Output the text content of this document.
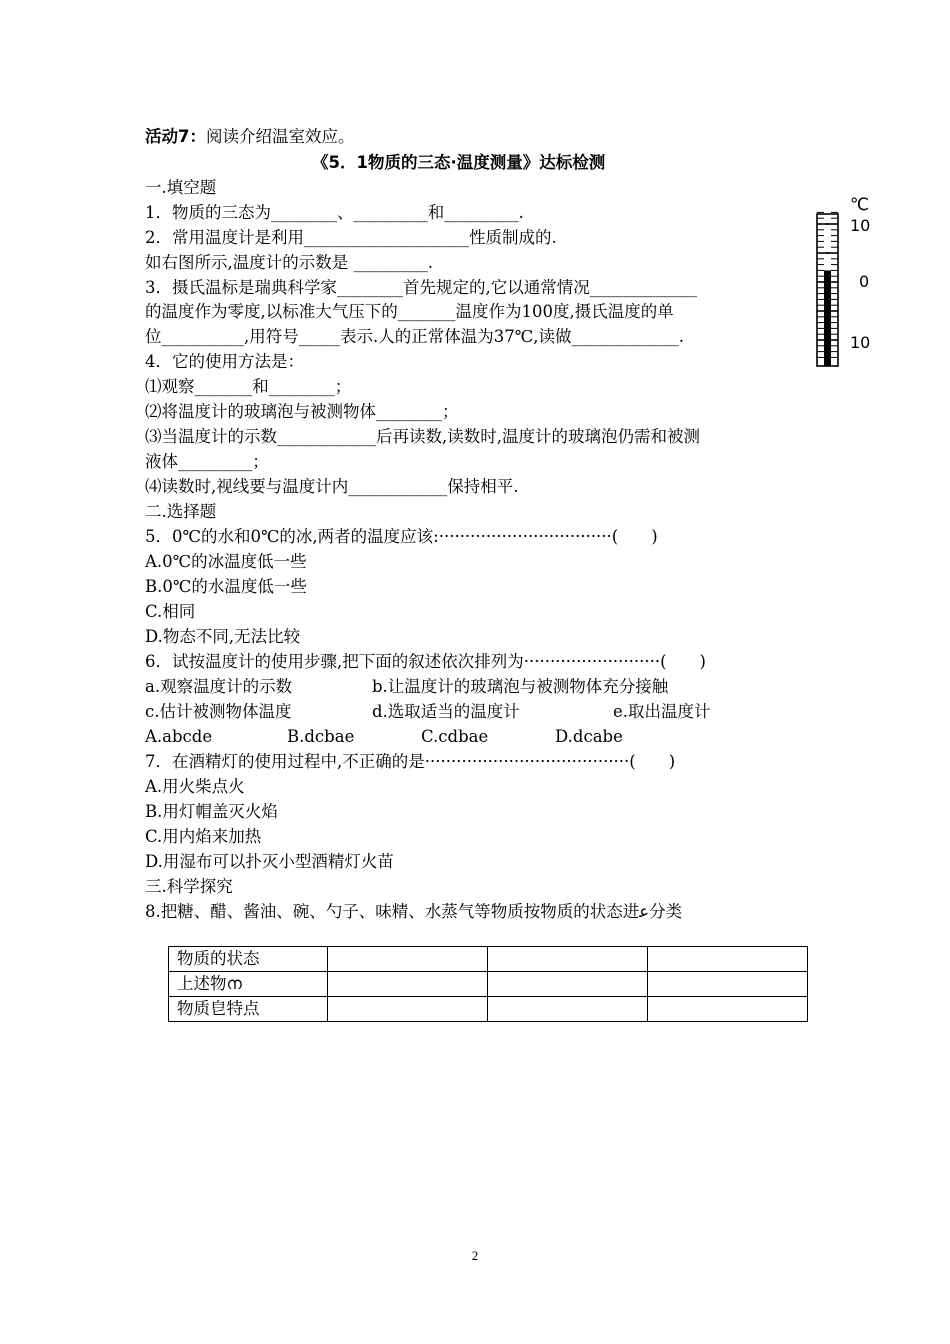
活动7：阅读介绍温室效应。
《5．1物质的三态·温度测量》达标检测
一.填空题
1．物质的三态为________、_________和_________.
2．常用温度计是利用____________________性质制成的.
如右图所示,温度计的示数是 _________.
3．摄氏温标是瑞典科学家________首先规定的,它以通常情况_____________
的温度作为零度,以标准大气压下的_______温度作为100度,摄氏温度的单
位__________,用符号_____表示.人的正常体温为37℃,读做_____________.
4．它的使用方法是：
⑴观察_______和________；
⑵将温度计的玻璃泡与被测物体________；
⑶当温度计的示数____________后再读数,读数时,温度计的玻璃泡仍需和被测
液体_________；
⑷读数时,视线要与温度计内____________保持相平.
二.选择题
5．0℃的水和0℃的冰,两者的温度应该:·································(　　)
A.0℃的冰温度低一些
B.0℃的水温度低一些
C.相同
D.物态不同,无法比较
6．试按温度计的使用步骤,把下面的叙述依次排列为··························(　　)
a.观察温度计的示数	b.让温度计的玻璃泡与被测物体充分接触
c.估计被测物体温度	d.选取适当的温度计	e.取出温度计
A.abcde	B.dcbae	C.cdbae	D.dcabe
7．在酒精灯的使用过程中,不正确的是·······································(　　)
A.用火柴点火
B.用灯帽盖灭火焰
C.用内焰来加热
D.用湿布可以扑灭小型酒精灯火苗
三.科学探究
8.把糖、醋、酱油、碗、勺子、味精、水蒸气等物质按物质的状态进ﻋ分类
物质的状态			
上述物ന			
物质皀特点			
℃
10
0
10
2
